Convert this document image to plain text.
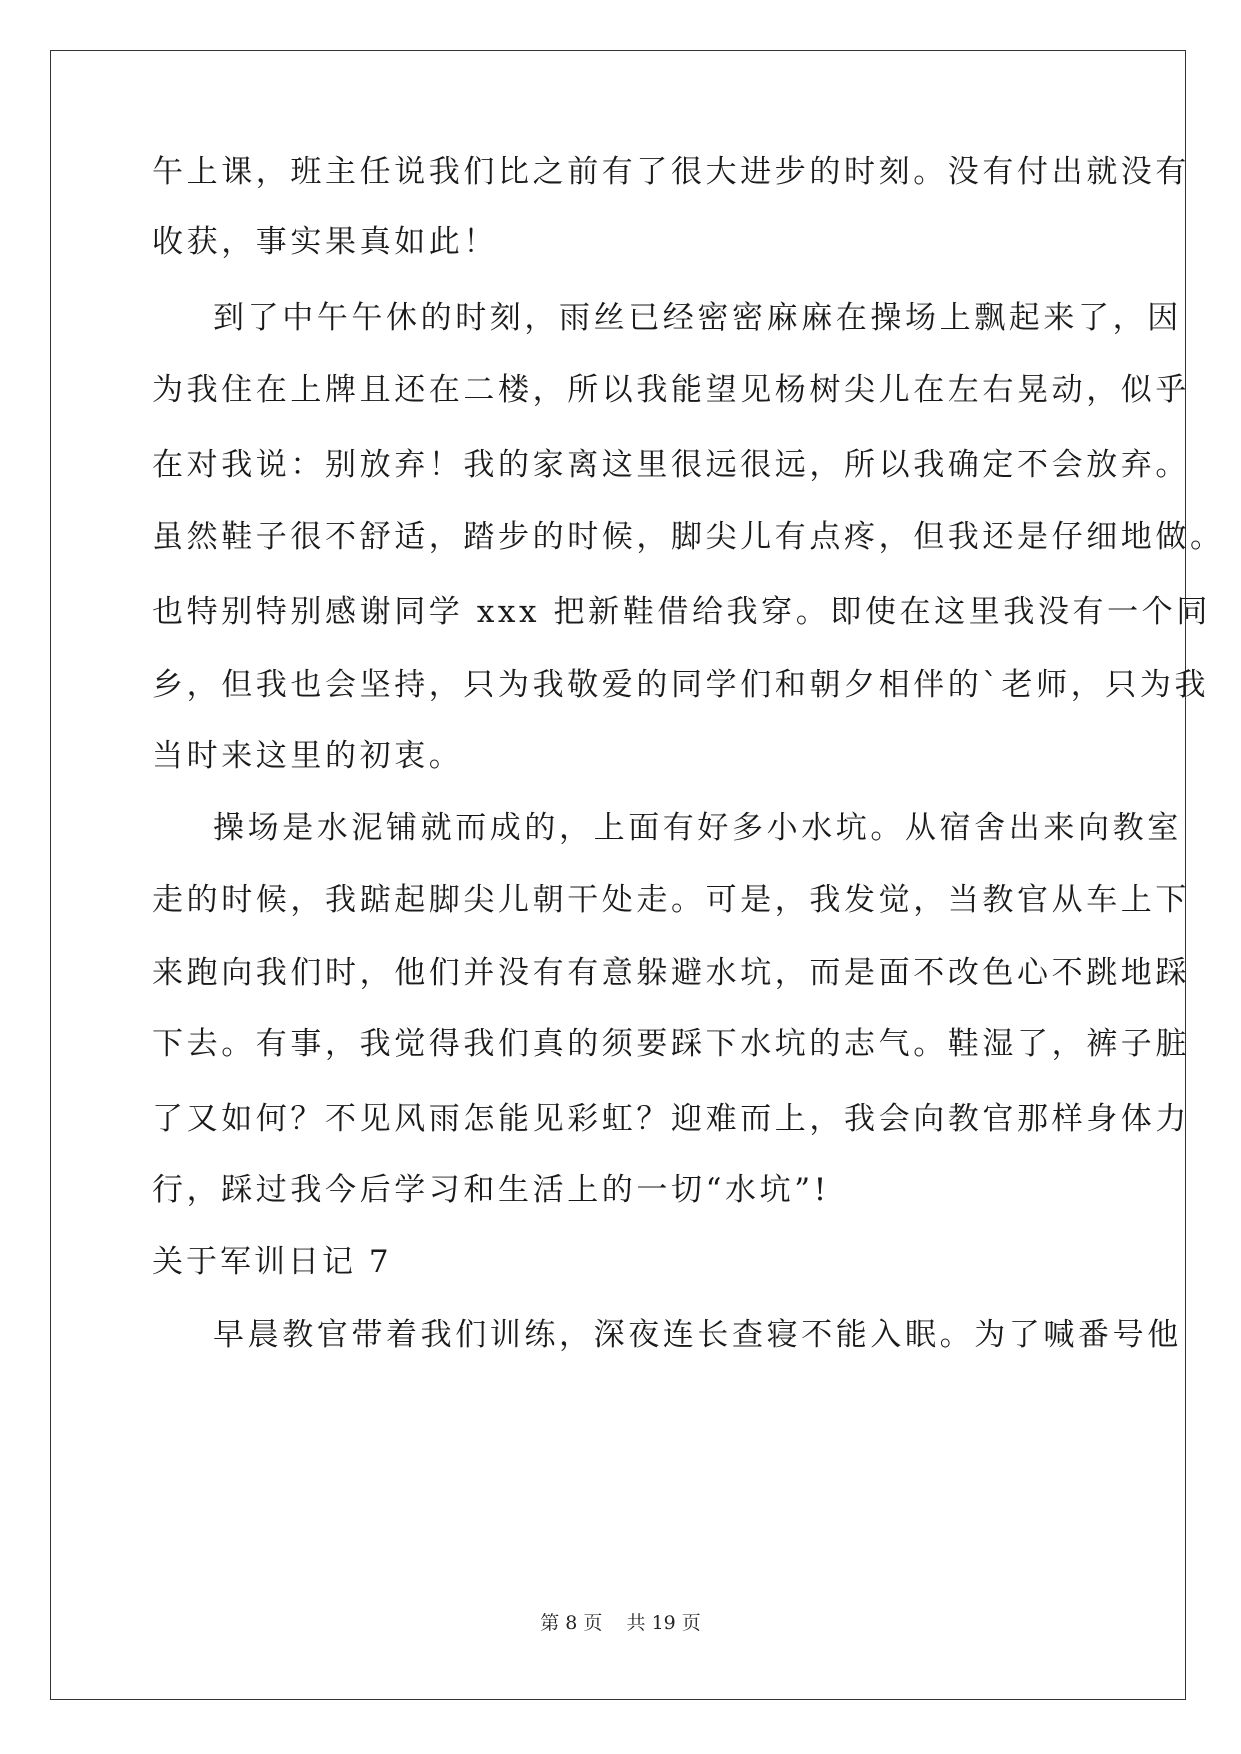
午上课，班主任说我们比之前有了很大进步的时刻。没有付出就没有
收获，事实果真如此！
到了中午午休的时刻，雨丝已经密密麻麻在操场上飘起来了，因
为我住在上牌且还在二楼，所以我能望见杨树尖儿在左右晃动，似乎
在对我说：别放弃！我的家离这里很远很远，所以我确定不会放弃。
虽然鞋子很不舒适，踏步的时候，脚尖儿有点疼，但我还是仔细地做。
也特别特别感谢同学 xxx 把新鞋借给我穿。即使在这里我没有一个同
乡，但我也会坚持，只为我敬爱的同学们和朝夕相伴的`老师，只为我
当时来这里的初衷。
操场是水泥铺就而成的，上面有好多小水坑。从宿舍出来向教室
走的时候，我踮起脚尖儿朝干处走。可是，我发觉，当教官从车上下
来跑向我们时，他们并没有有意躲避水坑，而是面不改色心不跳地踩
下去。有事，我觉得我们真的须要踩下水坑的志气。鞋湿了，裤子脏
了又如何？不见风雨怎能见彩虹？迎难而上，我会向教官那样身体力
行，踩过我今后学习和生活上的一切“水坑”!
关于军训日记 7
早晨教官带着我们训练，深夜连长查寝不能入眠。为了喊番号他
第 8 页 共 19 页
